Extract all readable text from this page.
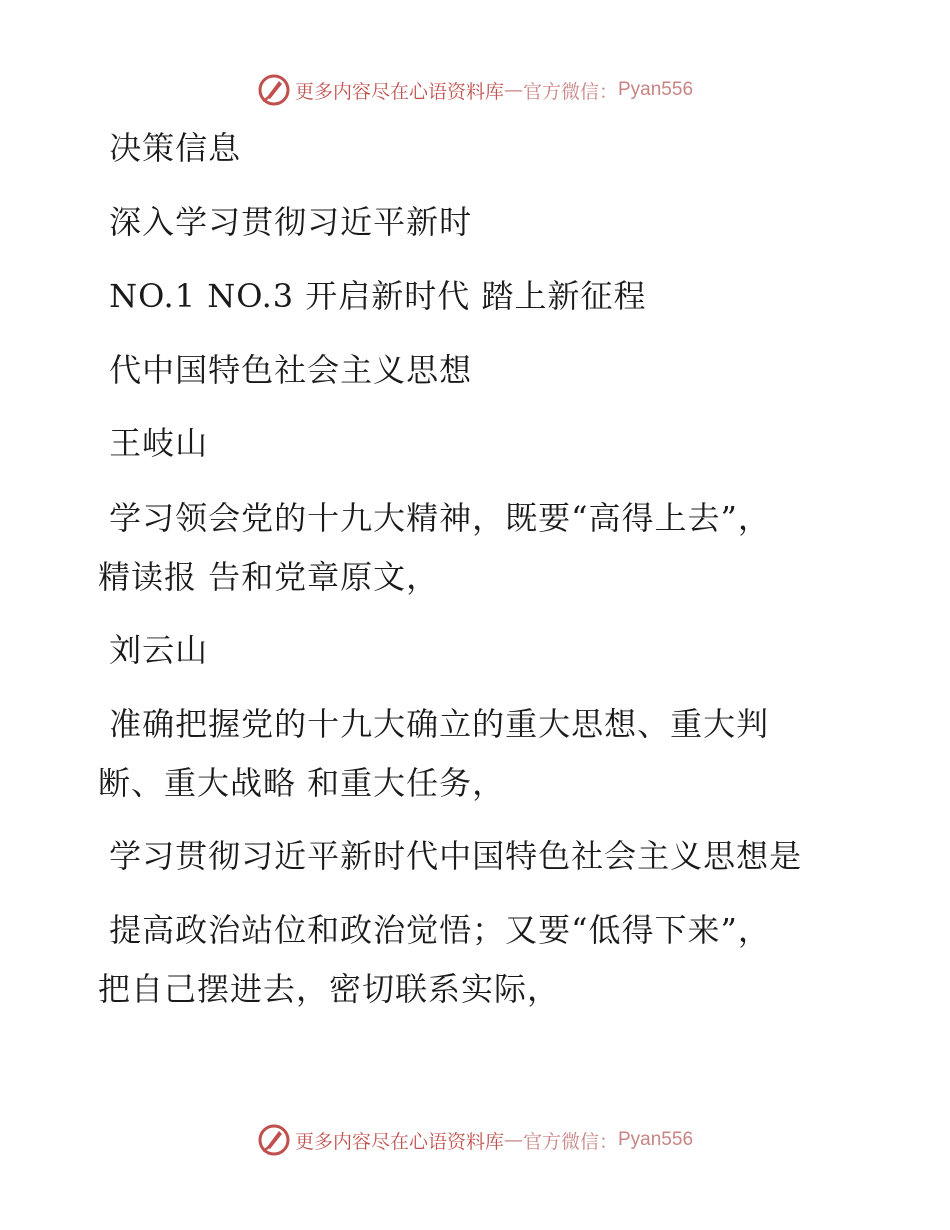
更多内容尽在心语资料库 — 官方微信： Pyan556
决策信息
深入学习贯彻习近平新时
NO.1 NO.3 开启新时代 踏上新征程
代中国特色社会主义思想
王岐山
学习领会党的十九大精神，既要“高得上去”，
精读报 告和党章原文，
刘云山
准确把握党的十九大确立的重大思想、重大判
断、重大战略 和重大任务，
学习贯彻习近平新时代中国特色社会主义思想是
提高政治站位和政治觉悟；又要“低得下来”，
把自己摆进去，密切联系实际，
更多内容尽在心语资料库 — 官方微信： Pyan556
